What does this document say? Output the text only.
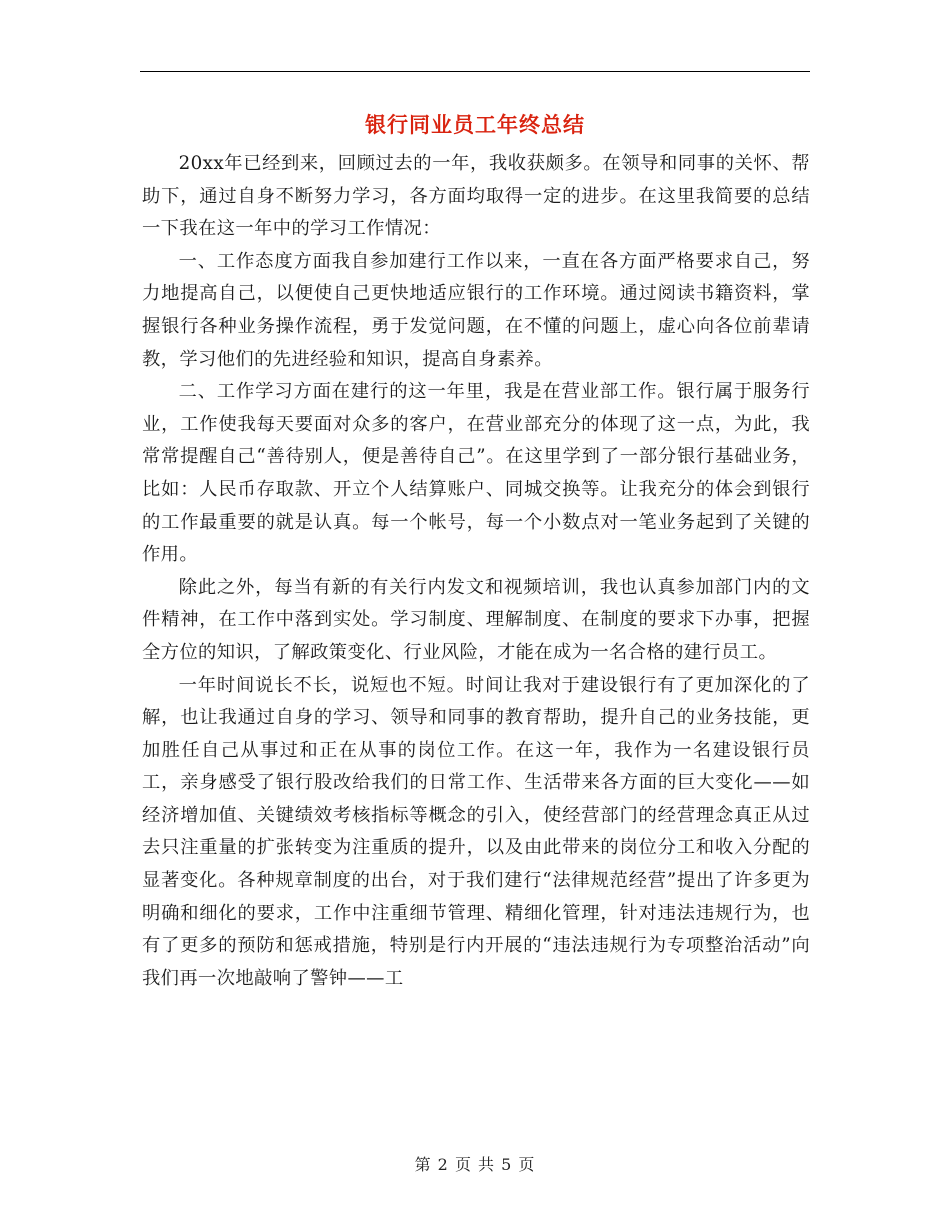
银行同业员工年终总结

20xx年已经到来，回顾过去的一年，我收获颇多。在领导和同事的关怀、帮助下，通过自身不断努力学习，各方面均取得一定的进步。在这里我简要的总结一下我在这一年中的学习工作情况：

一、工作态度方面我自参加建行工作以来，一直在各方面严格要求自己，努力地提高自己，以便使自己更快地适应银行的工作环境。通过阅读书籍资料，掌握银行各种业务操作流程，勇于发觉问题，在不懂的问题上，虚心向各位前辈请教，学习他们的先进经验和知识，提高自身素养。

二、工作学习方面在建行的这一年里，我是在营业部工作。银行属于服务行业，工作使我每天要面对众多的客户，在营业部充分的体现了这一点，为此，我常常提醒自己“善待别人，便是善待自己”。在这里学到了一部分银行基础业务，比如：人民币存取款、开立个人结算账户、同城交换等。让我充分的体会到银行的工作最重要的就是认真。每一个帐号，每一个小数点对一笔业务起到了关键的作用。

除此之外，每当有新的有关行内发文和视频培训，我也认真参加部门内的文件精神，在工作中落到实处。学习制度、理解制度、在制度的要求下办事，把握全方位的知识，了解政策变化、行业风险，才能在成为一名合格的建行员工。

一年时间说长不长，说短也不短。时间让我对于建设银行有了更加深化的了解，也让我通过自身的学习、领导和同事的教育帮助，提升自己的业务技能，更加胜任自己从事过和正在从事的岗位工作。在这一年，我作为一名建设银行员工，亲身感受了银行股改给我们的日常工作、生活带来各方面的巨大变化——如经济增加值、关键绩效考核指标等概念的引入，使经营部门的经营理念真正从过去只注重量的扩张转变为注重质的提升，以及由此带来的岗位分工和收入分配的显著变化。各种规章制度的出台，对于我们建行“法律规范经营”提出了许多更为明确和细化的要求，工作中注重细节管理、精细化管理，针对违法违规行为，也有了更多的预防和惩戒措施，特别是行内开展的“违法违规行为专项整治活动”向我们再一次地敲响了警钟——工

第 2 页 共 5 页
